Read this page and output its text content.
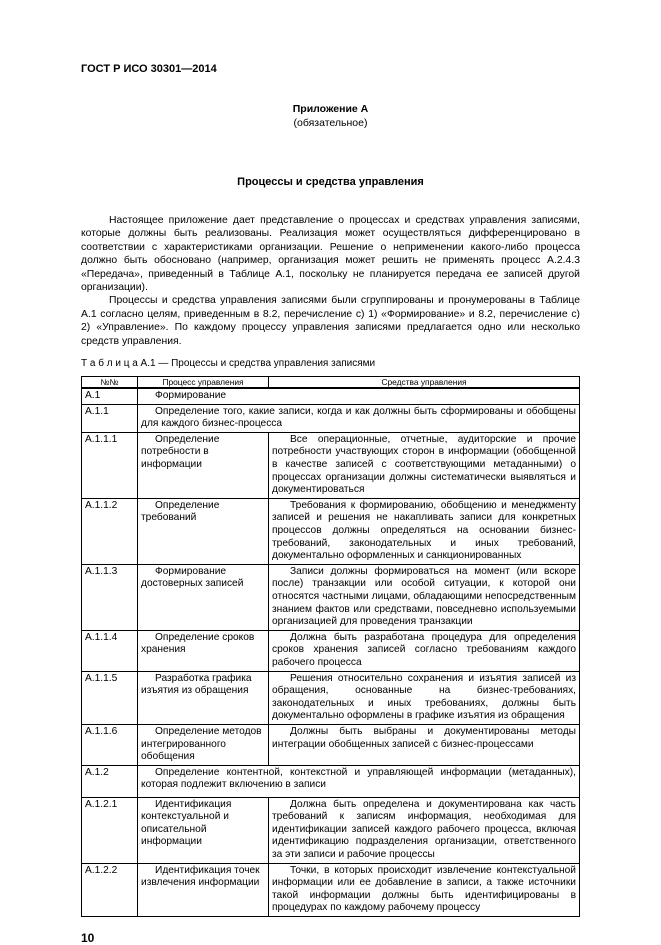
ГОСТ Р ИСО 30301—2014
Приложение А
(обязательное)
Процессы и средства управления

Настоящее приложение дает представление о процессах и средствах управления записями, которые должны быть реализованы. Реализация может осуществляться дифференцировано в соответствии с характеристиками организации. Решение о неприменении какого-либо процесса должно быть обосновано (например, организация может решить не применять процесс А.2.4.3 «Передача», приведенный в Таблице А.1, поскольку не планируется передача ее записей другой организации).

Процессы и средства управления записями были сгруппированы и пронумерованы в Таблице А.1 согласно целям, приведенным в 8.2, перечисление с) 1) «Формирование» и 8.2, перечисление с) 2) «Управление». По каждому процессу управления записями предлагается одно или несколько средств управления.

Т а б л и ц а А.1 — Процессы и средства управления записями
№№	Процесс управления	Средства управления
А.1	Формирование	
А.1.1	Определение того, какие записи, когда и как должны быть сформированы и обобщены для каждого бизнес-процесса	
А.1.1.1	Определение потребности в информации	Все операционные, отчетные, аудиторские и прочие потребности участвующих сторон в информации (обобщенной в качестве записей с соответствующими метаданными) о процессах организации должны систематически выявляться и документироваться
А.1.1.2	Определение требований	Требования к формированию, обобщению и менеджменту записей и решения не накапливать записи для конкретных процессов должны определяться на основании бизнес-требований, законодательных и иных требований, документально оформленных и санкционированных
А.1.1.3	Формирование достоверных записей	Записи должны формироваться на момент (или вскоре после) транзакции или особой ситуации, к которой они относятся частными лицами, обладающими непосредственным знанием фактов или средствами, повседневно используемыми организацией для проведения транзакции
А.1.1.4	Определение сроков хранения	Должна быть разработана процедура для определения сроков хранения записей согласно требованиям каждого рабочего процесса
А.1.1.5	Разработка графика изъятия из обращения	Решения относительно сохранения и изъятия записей из обращения, основанные на бизнес-требованиях, законодательных и иных требованиях, должны быть документально оформлены в графике изъятия из обращения
А.1.1.6	Определение методов интегрированного обобщения	Должны быть выбраны и документированы методы интеграции обобщенных записей с бизнес-процессами
А.1.2	Определение контентной, контекстной и управляющей информации (метаданных), которая подлежит включению в записи	
А.1.2.1	Идентификация контекстуальной и описательной информации	Должна быть определена и документирована как часть требований к записям информация, необходимая для идентификации записей каждого рабочего процесса, включая идентификацию подразделения организации, ответственного за эти записи и рабочие процессы
А.1.2.2	Идентификация точек извлечения информации	Точки, в которых происходит извлечение контекстуальной информации или ее добавление в записи, а также источники такой информации должны быть идентифицированы в процедурах по каждому рабочему процессу
10
